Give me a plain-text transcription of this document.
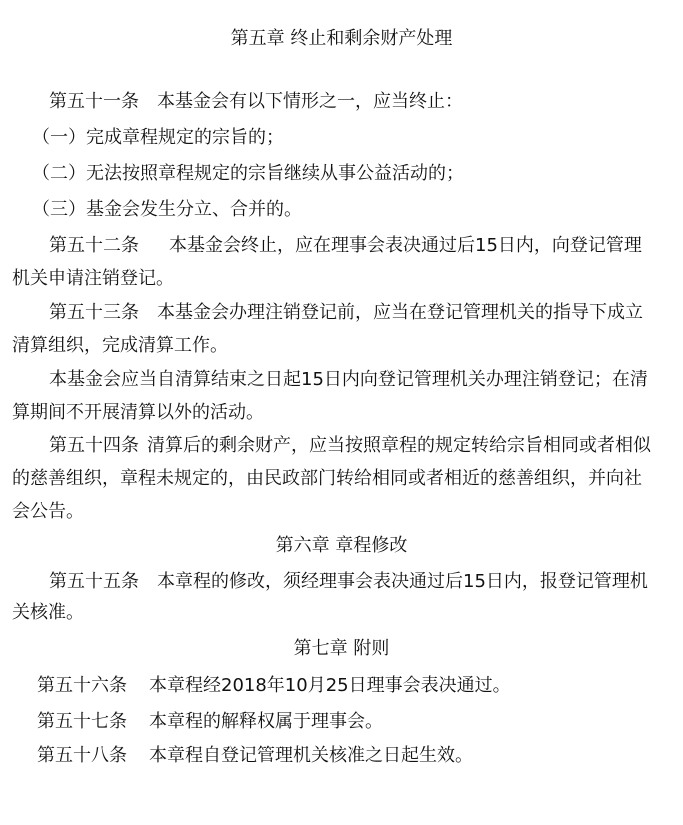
第五章 终止和剩余财产处理
第五十一条 本基金会有以下情形之一，应当终止：
（一）完成章程规定的宗旨的；
（二）无法按照章程规定的宗旨继续从事公益活动的；
（三）基金会发生分立、合并的。
第五十二条 本基金会终止，应在理事会表决通过后15日内，向登记管理
机关申请注销登记。
第五十三条 本基金会办理注销登记前，应当在登记管理机关的指导下成立
清算组织，完成清算工作。
本基金会应当自清算结束之日起15日内向登记管理机关办理注销登记；在清
算期间不开展清算以外的活动。
第五十四条 清算后的剩余财产，应当按照章程的规定转给宗旨相同或者相似
的慈善组织，章程未规定的，由民政部门转给相同或者相近的慈善组织，并向社
会公告。
第六章 章程修改
第五十五条 本章程的修改，须经理事会表决通过后15日内，报登记管理机
关核准。
第七章 附则
第五十六条 本章程经2018年10月25日理事会表决通过。
第五十七条 本章程的解释权属于理事会。
第五十八条 本章程自登记管理机关核准之日起生效。
